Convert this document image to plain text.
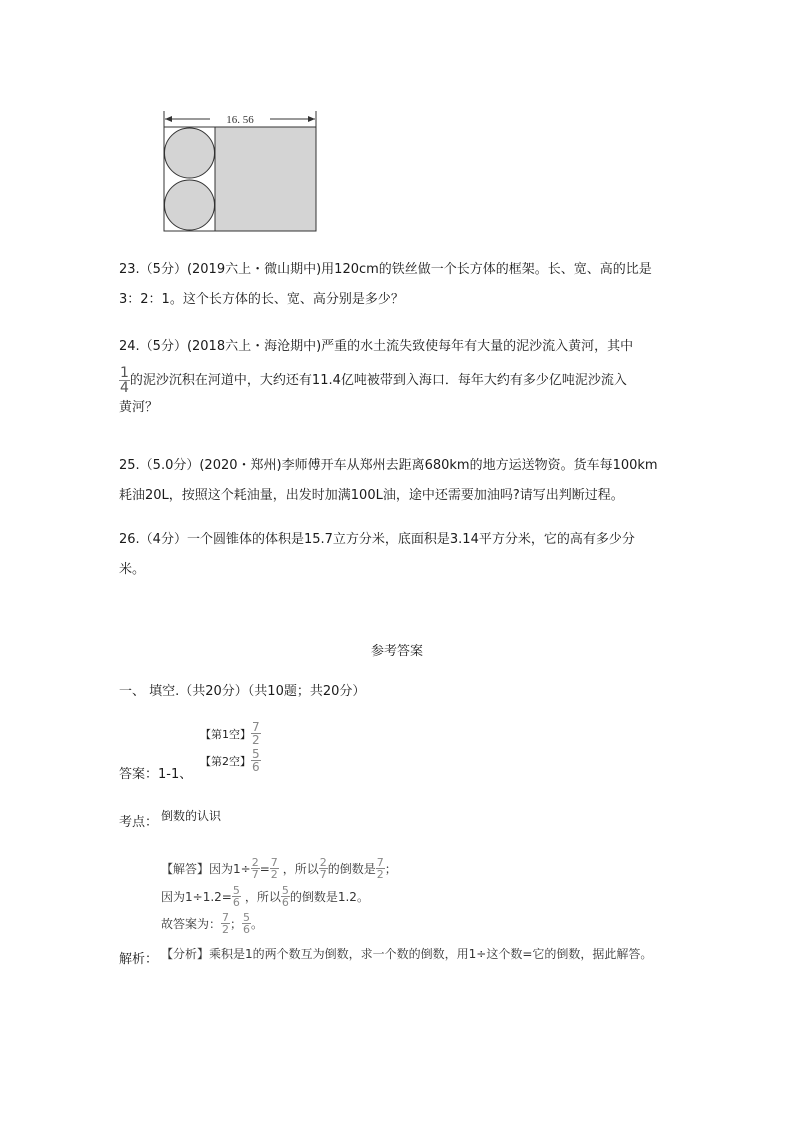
16. 56
23.（5分）(2019六上・微山期中)用120cm的铁丝做一个长方体的框架。长、宽、高的比是
3：2：1。这个长方体的长、宽、高分别是多少？
24.（5分）(2018六上・海沧期中)严重的水土流失致使每年有大量的泥沙流入黄河，其中
$\frac{1}{4}$ 的泥沙沉积在河道中，大约还有11.4亿吨被带到入海口．每年大约有多少亿吨泥沙流入
黄河？
25.（5.0分）(2020・郑州)李师傅开车从郑州去距离680km的地方运送物资。货车每100km
耗油20L，按照这个耗油量，出发时加满100L油，途中还需要加油吗?请写出判断过程。
26.（4分）一个圆锥体的体积是15.7立方分米，底面积是3.14平方分米，它的高有多少分
米。
参考答案
一、 填空.（共20分）（共10题；共20分）
【第1空】 $\frac{7}{2}$
【第2空】 $\frac{5}{6}$
答案：1-1、
考点： 倒数的认识
【解答】因为$1\div \frac{2}{7} = \frac{7}{2}$ ，所以 $\frac{2}{7}$ 的倒数是 $\frac{7}{2}$ ；
因为$1\div 1.2= \frac{5}{6}$ ，所以 $\frac{5}{6}$ 的倒数是1.2。
故答案为： $\frac{7}{2}$ ； $\frac{5}{6}$ 。
解析： 【分析】乘积是1的两个数互为倒数，求一个数的倒数，用1÷这个数=它的倒数，据此解答。
